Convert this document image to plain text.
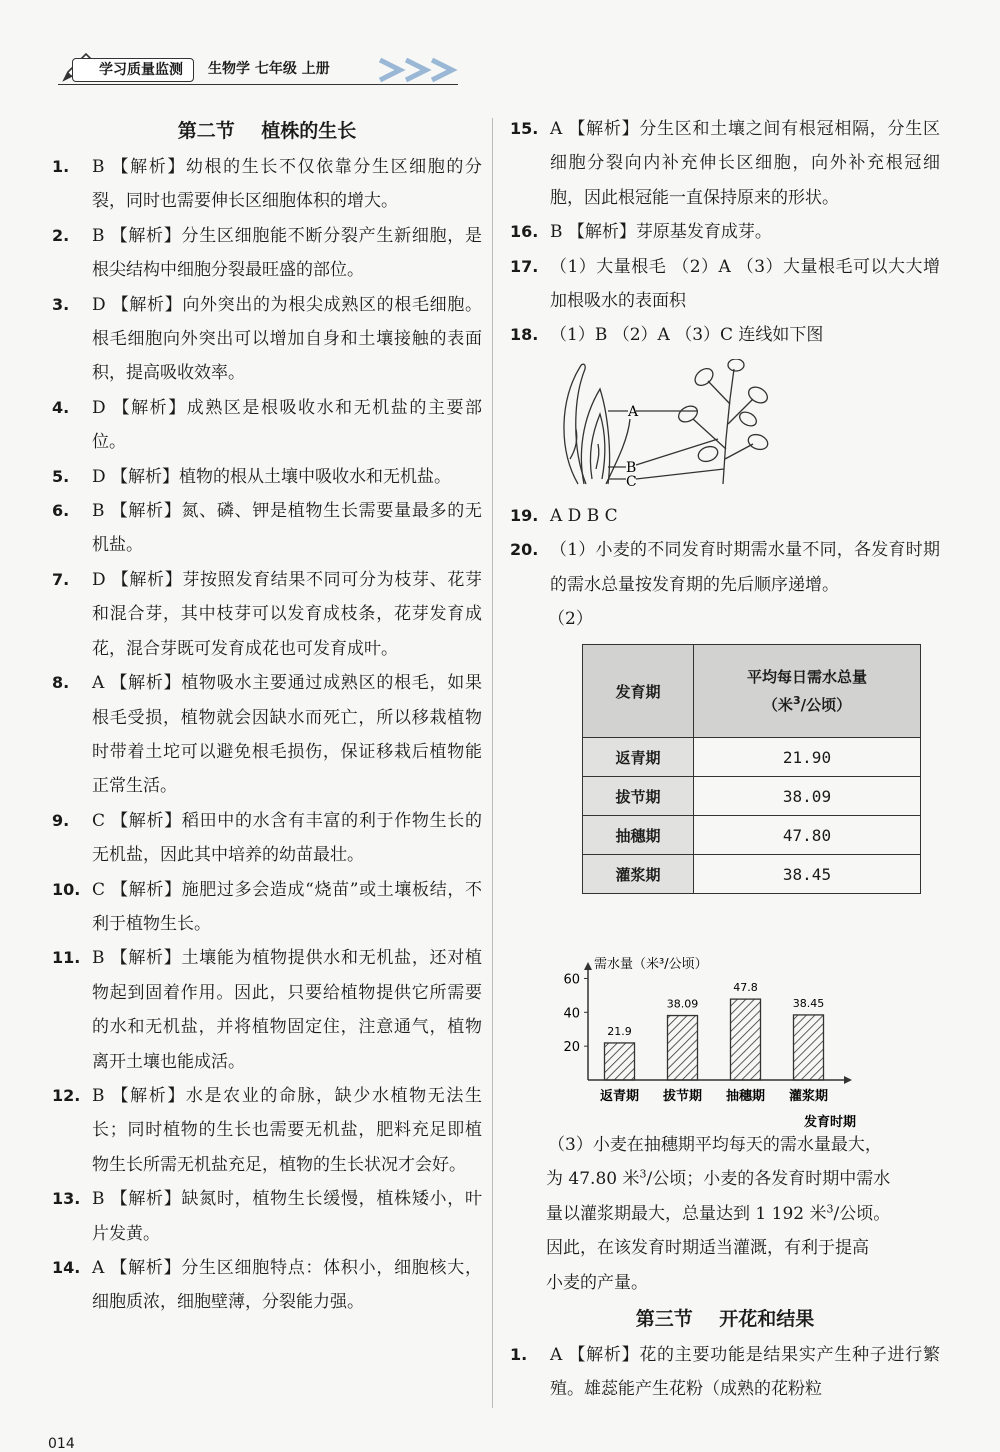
学习质量监测	生物学 七年级 上册
第二节    植株的生长
1.	B 【解析】幼根的生长不仅依靠分生区细胞的分裂，同时也需要伸长区细胞体积的增大。
2.	B 【解析】分生区细胞能不断分裂产生新细胞，是根尖结构中细胞分裂最旺盛的部位。
3.	D 【解析】向外突出的为根尖成熟区的根毛细胞。根毛细胞向外突出可以增加自身和土壤接触的表面积，提高吸收效率。
4.	D 【解析】成熟区是根吸收水和无机盐的主要部位。
5.	D 【解析】植物的根从土壤中吸收水和无机盐。
6.	B 【解析】氮、磷、钾是植物生长需要量最多的无机盐。
7.	D 【解析】芽按照发育结果不同可分为枝芽、花芽和混合芽，其中枝芽可以发育成枝条，花芽发育成花，混合芽既可发育成花也可发育成叶。
8.	A 【解析】植物吸水主要通过成熟区的根毛，如果根毛受损，植物就会因缺水而死亡，所以移栽植物时带着土坨可以避免根毛损伤，保证移栽后植物能正常生活。
9.	C 【解析】稻田中的水含有丰富的利于作物生长的无机盐，因此其中培养的幼苗最壮。
10. C 【解析】施肥过多会造成“烧苗”或土壤板结，不利于植物生长。
11. B 【解析】土壤能为植物提供水和无机盐，还对植物起到固着作用。因此，只要给植物提供它所需要的水和无机盐，并将植物固定住，注意通气，植物离开土壤也能成活。
12. B 【解析】水是农业的命脉，缺少水植物无法生长；同时植物的生长也需要无机盐，肥料充足即植物生长所需无机盐充足，植物的生长状况才会好。
13. B 【解析】缺氮时，植物生长缓慢，植株矮小，叶片发黄。
14. A 【解析】分生区细胞特点：体积小，细胞核大，细胞质浓，细胞壁薄，分裂能力强。
15. A 【解析】分生区和土壤之间有根冠相隔，分生区细胞分裂向内补充伸长区细胞，向外补充根冠细胞，因此根冠能一直保持原来的形状。
16. B 【解析】芽原基发育成芽。
17. （1）大量根毛 （2）A （3）大量根毛可以大大增加根吸水的表面积
18. （1）B （2）A （3）C 连线如下图
A
B
C
19. A D B C
20. （1）小麦的不同发育时期需水量不同，各发育时期的需水总量按发育期的先后顺序递增。
（2）
发育期	平均每日需水总量
（米$^3$/公顷）

返青期	21.90
拔节期	38.09
抽穗期	47.80
灌浆期	38.45
需水量（米³/公顷）
20
40
60
21.9
返青期
38.09
拔节期
47.8
抽穗期
38.45
灌浆期
发育时期
（3）小麦在抽穗期平均每天的需水量最大，
为 47.80 米$^3$/公顷；小麦的各发育时期中需水
量以灌浆期最大，总量达到 1 192 米$^3$/公顷。
因此，在该发育时期适当灌溉，有利于提高
小麦的产量。
第三节    开花和结果
1.	A 【解析】花的主要功能是结果实产生种子进行繁殖。雄蕊能产生花粉（成熟的花粉粒
014
